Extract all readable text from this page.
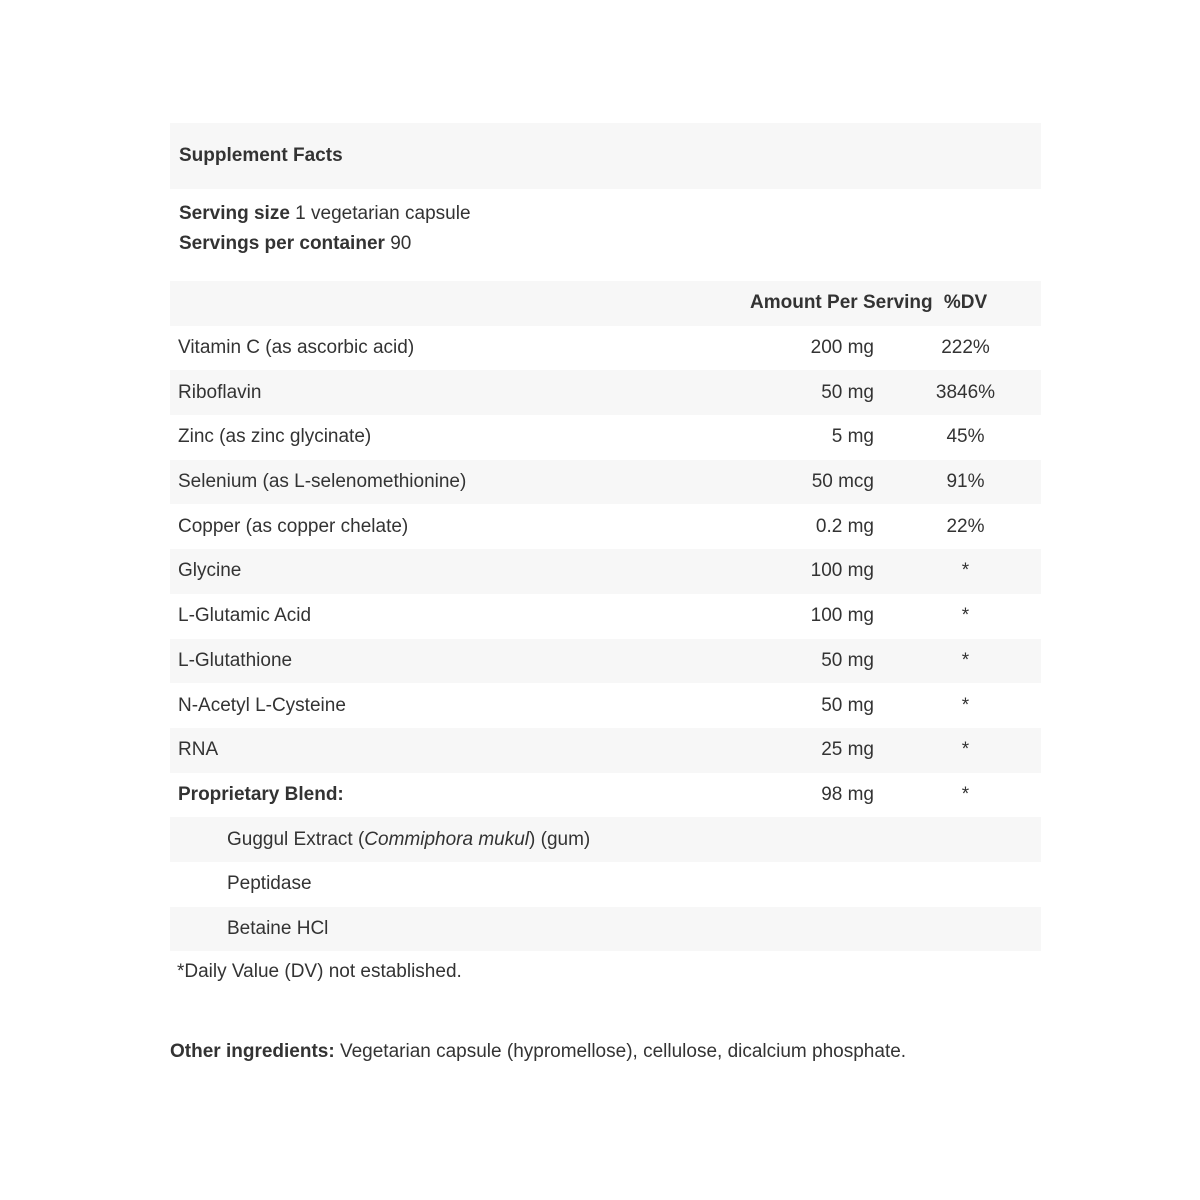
Supplement Facts
Serving size 1 vegetarian capsule
Servings per container 90
	Amount Per Serving	%DV
Vitamin C (as ascorbic acid)	200 mg	222%
Riboflavin	50 mg	3846%
Zinc (as zinc glycinate)	5 mg	45%
Selenium (as L-selenomethionine)	50 mcg	91%
Copper (as copper chelate)	0.2 mg	22%
Glycine	100 mg	*
L-Glutamic Acid	100 mg	*
L-Glutathione	50 mg	*
N-Acetyl L-Cysteine	50 mg	*
RNA	25 mg	*
Proprietary Blend:	98 mg	*
Guggul Extract (Commiphora mukul) (gum)		
Peptidase		
Betaine HCl		
*Daily Value (DV) not established.
Other ingredients: Vegetarian capsule (hypromellose), cellulose, dicalcium phosphate.
